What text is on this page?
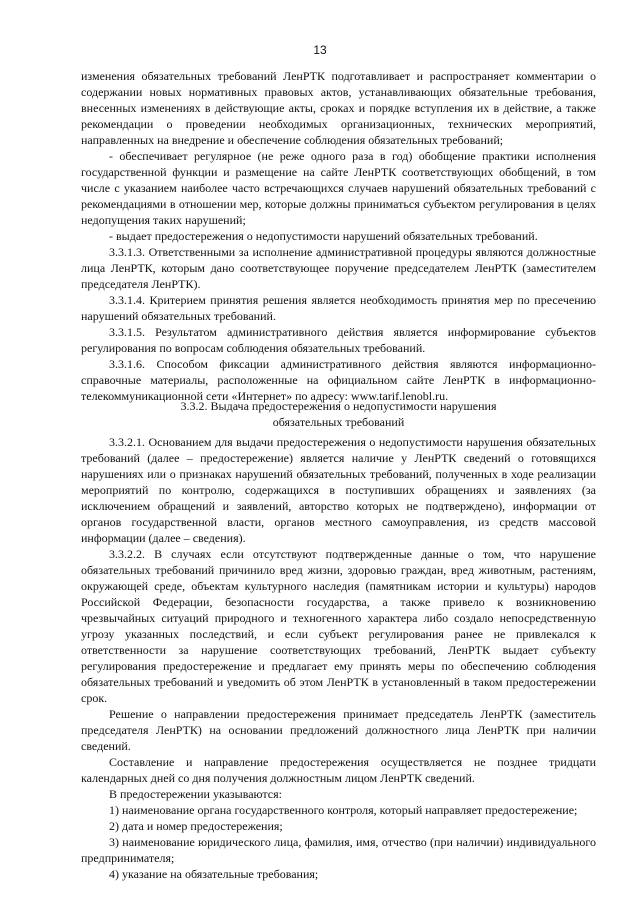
13

изменения обязательных требований ЛенРТК подготавливает и распространяет комментарии о содержании новых нормативных правовых актов, устанавливающих обязательные требования, внесенных изменениях в действующие акты, сроках и порядке вступления их в действие, а также рекомендации о проведении необходимых организационных, технических мероприятий, направленных на внедрение и обеспечение соблюдения обязательных требований;

- обеспечивает регулярное (не реже одного раза в год) обобщение практики исполнения государственной функции и размещение на сайте ЛенРТК соответствующих обобщений, в том числе с указанием наиболее часто встречающихся случаев нарушений обязательных требований с рекомендациями в отношении мер, которые должны приниматься субъектом регулирования в целях недопущения таких нарушений;

- выдает предостережения о недопустимости нарушений обязательных требований.

3.3.1.3. Ответственными за исполнение административной процедуры являются должностные лица ЛенРТК, которым дано соответствующее поручение председателем ЛенРТК (заместителем председателя ЛенРТК).

3.3.1.4. Критерием принятия решения является необходимость принятия мер по пресечению нарушений обязательных требований.

3.3.1.5. Результатом административного действия является информирование субъектов регулирования по вопросам соблюдения обязательных требований.

3.3.1.6. Способом фиксации административного действия являются информационно-справочные материалы, расположенные на официальном сайте ЛенРТК в информационно-телекоммуникационной сети «Интернет» по адресу: www.tarif.lenobl.ru.

3.3.2. Выдача предостережения о недопустимости нарушения
обязательных требований

3.3.2.1. Основанием для выдачи предостережения о недопустимости нарушения обязательных требований (далее – предостережение) является наличие у ЛенРТК сведений о готовящихся нарушениях или о признаках нарушений обязательных требований, полученных в ходе реализации мероприятий по контролю, содержащихся в поступивших обращениях и заявлениях (за исключением обращений и заявлений, авторство которых не подтверждено), информации от органов государственной власти, органов местного самоуправления, из средств массовой информации (далее – сведения).

3.3.2.2. В случаях если отсутствуют подтвержденные данные о том, что нарушение обязательных требований причинило вред жизни, здоровью граждан, вред животным, растениям, окружающей среде, объектам культурного наследия (памятникам истории и культуры) народов Российской Федерации, безопасности государства, а также привело к возникновению чрезвычайных ситуаций природного и техногенного характера либо создало непосредственную угрозу указанных последствий, и если субъект регулирования ранее не привлекался к ответственности за нарушение соответствующих требований, ЛенРТК выдает субъекту регулирования предостережение и предлагает ему принять меры по обеспечению соблюдения обязательных требований и уведомить об этом ЛенРТК в установленный в таком предостережении срок.

Решение о направлении предостережения принимает председатель ЛенРТК (заместитель председателя ЛенРТК) на основании предложений должностного лица ЛенРТК при наличии сведений.

Составление и направление предостережения осуществляется не позднее тридцати календарных дней со дня получения должностным лицом ЛенРТК сведений.

В предостережении указываются:

1) наименование органа государственного контроля, который направляет предостережение;

2) дата и номер предостережения;

3) наименование юридического лица, фамилия, имя, отчество (при наличии) индивидуального предпринимателя;

4) указание на обязательные требования;
